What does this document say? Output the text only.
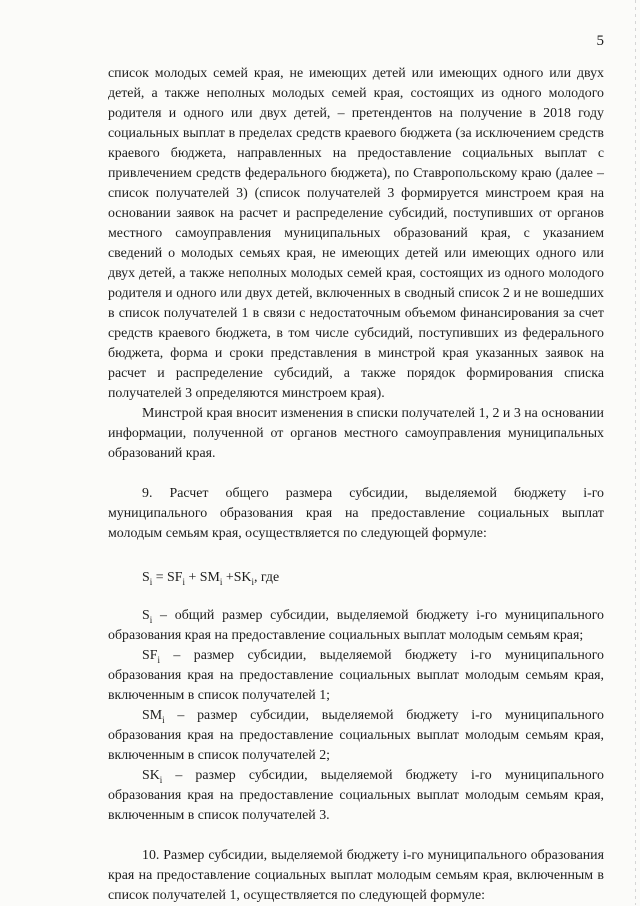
5

список молодых семей края, не имеющих детей или имеющих одного или двух детей, а также неполных молодых семей края, состоящих из одного молодого родителя и одного или двух детей, – претендентов на получение в 2018 году социальных выплат в пределах средств краевого бюджета (за исключением средств краевого бюджета, направленных на предоставление социальных выплат с привлечением средств федерального бюджета), по Ставропольскому краю (далее – список получателей 3) (список получателей 3 формируется минстроем края на основании заявок на расчет и распределение субсидий, поступивших от органов местного самоуправления муниципальных образований края, с указанием сведений о молодых семьях края, не имеющих детей или имеющих одного или двух детей, а также неполных молодых семей края, состоящих из одного молодого родителя и одного или двух детей, включенных в сводный список 2 и не вошедших в список получателей 1 в связи с недостаточным объемом финансирования за счет средств краевого бюджета, в том числе субсидий, поступивших из федерального бюджета, форма и сроки представления в минстрой края указанных заявок на расчет и распределение субсидий, а также порядок формирования списка получателей 3 определяются минстроем края).

Минстрой края вносит изменения в списки получателей 1, 2 и 3 на основании информации, полученной от органов местного самоуправления муниципальных образований края.

9. Расчет общего размера субсидии, выделяемой бюджету i-го муниципального образования края на предоставление социальных выплат молодым семьям края, осуществляется по следующей формуле:

$S_i = SF_i + SM_i +SK_i$, где

$S_i$ – общий размер субсидии, выделяемой бюджету i-го муниципального образования края на предоставление социальных выплат молодым семьям края;

$SF_i$ – размер субсидии, выделяемой бюджету i-го муниципального образования края на предоставление социальных выплат молодым семьям края, включенным в список получателей 1;

$SM_i$ – размер субсидии, выделяемой бюджету i-го муниципального образования края на предоставление социальных выплат молодым семьям края, включенным в список получателей 2;

$SK_i$ – размер субсидии, выделяемой бюджету i-го муниципального образования края на предоставление социальных выплат молодым семьям края, включенным в список получателей 3.

10. Размер субсидии, выделяемой бюджету i-го муниципального образования края на предоставление социальных выплат молодым семьям края, включенным в список получателей 1, осуществляется по следующей формуле:
